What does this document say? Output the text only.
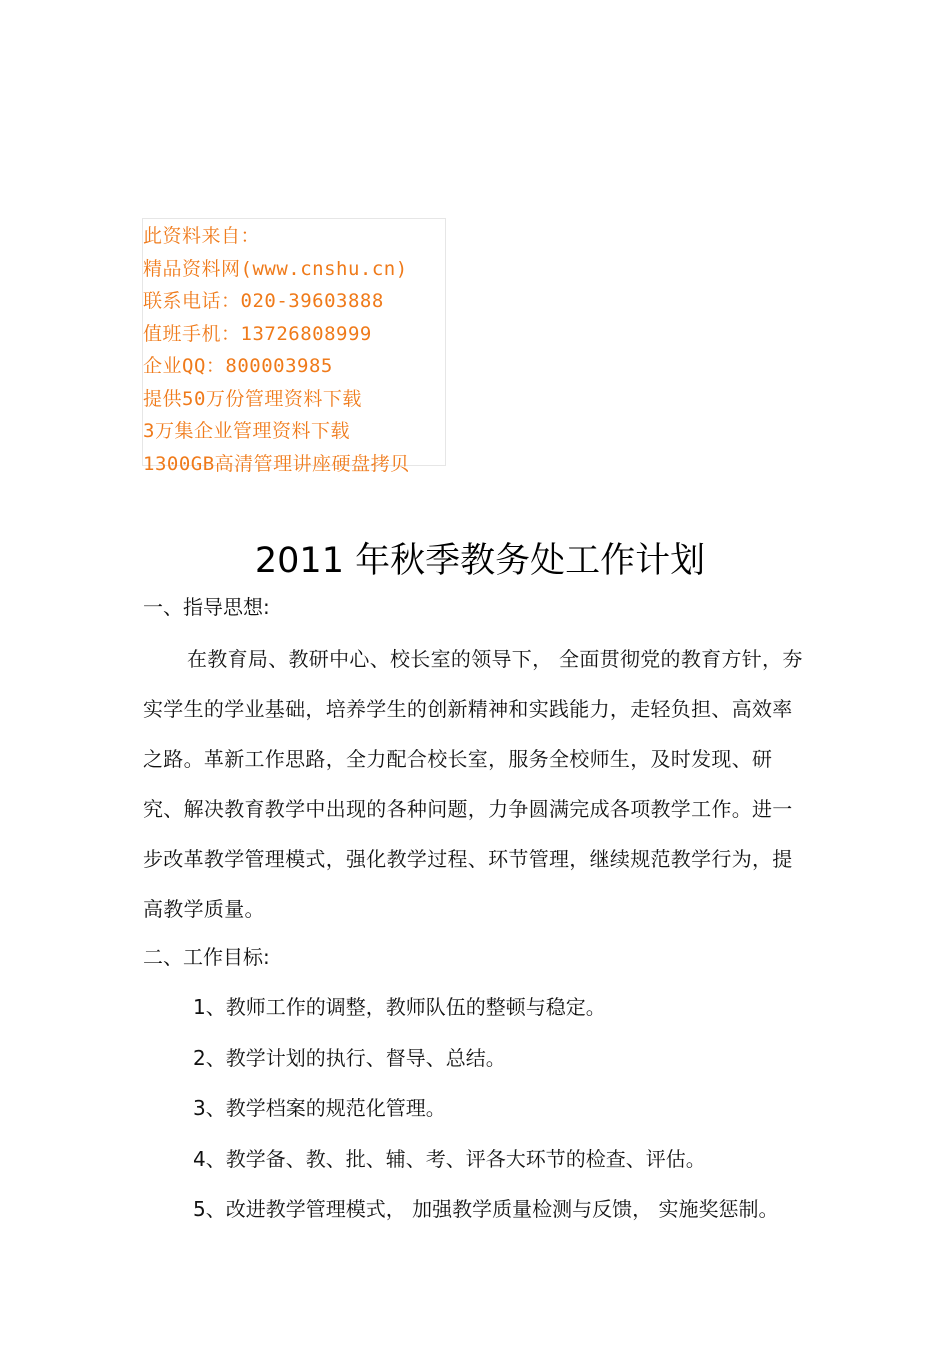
此资料来自：
精品资料网(www.cnshu.cn)
联系电话：020-39603888
值班手机：13726808999
企业QQ：800003985
提供50万份管理资料下载
3万集企业管理资料下载
1300GB高清管理讲座硬盘拷贝
2011 年秋季教务处工作计划
一、指导思想:

在教育局、教研中心、校长室的领导下， 全面贯彻党的教育方针，夯实学生的学业基础，培养学生的创新精神和实践能力，走轻负担、高效率之路。革新工作思路，全力配合校长室，服务全校师生，及时发现、研究、解决教育教学中出现的各种问题，力争圆满完成各项教学工作。进一步改革教学管理模式，强化教学过程、环节管理，继续规范教学行为，提高教学质量。

二、工作目标:
1、教师工作的调整，教师队伍的整顿与稳定。
2、教学计划的执行、督导、总结。
3、教学档案的规范化管理。
4、教学备、教、批、辅、考、评各大环节的检查、评估。
5、改进教学管理模式， 加强教学质量检测与反馈， 实施奖惩制。
